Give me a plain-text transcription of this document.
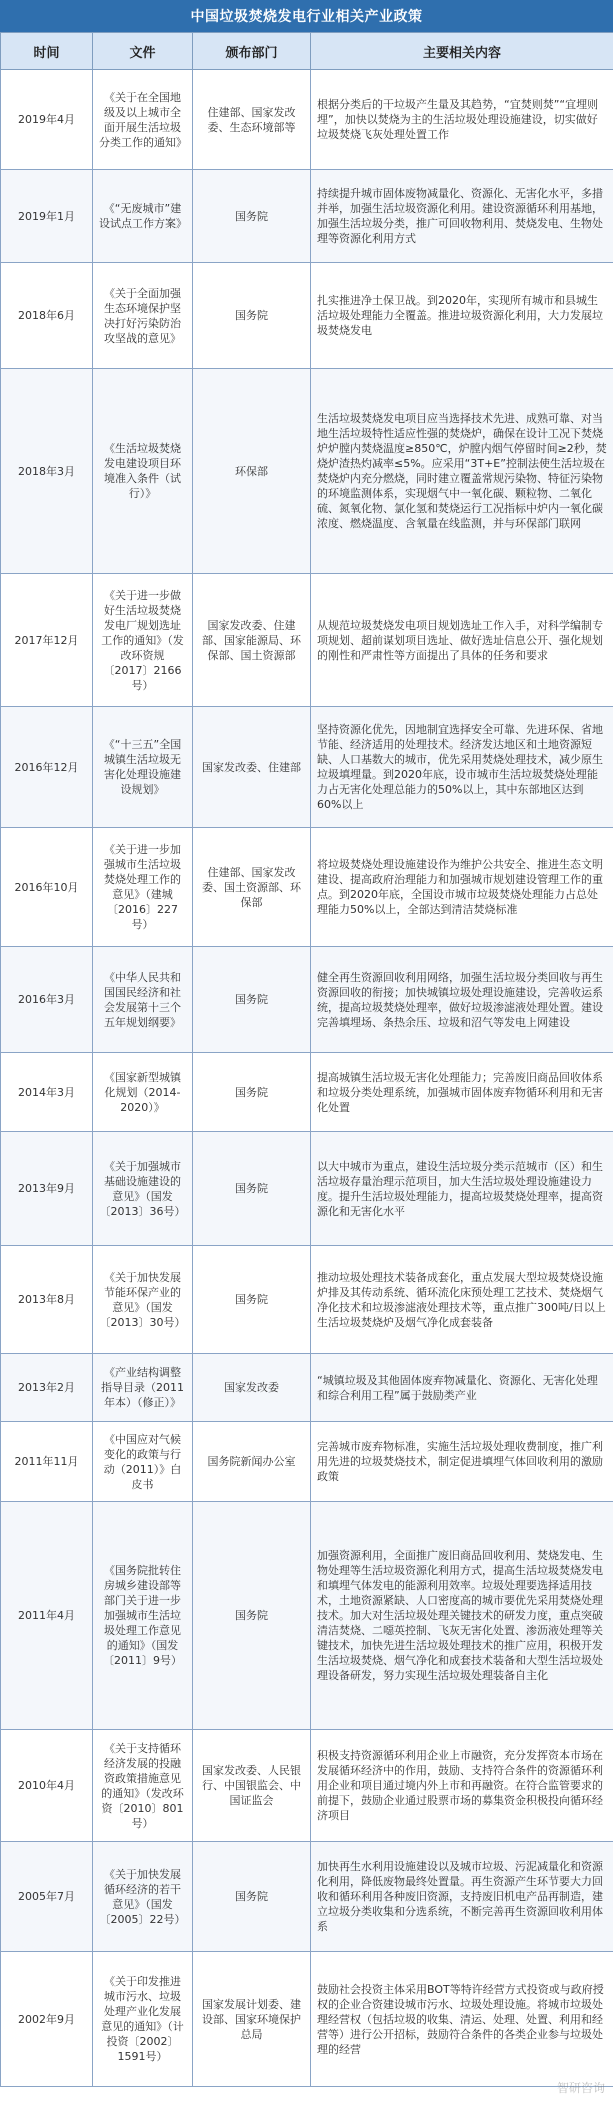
中国垃圾焚烧发电行业相关产业政策
时间	文件	颁布部门	主要相关内容
2019年4月	《关于在全国地级及以上城市全面开展生活垃圾分类工作的通知》	住建部、国家发改委、生态环境部等	根据分类后的干垃圾产生量及其趋势，“宜焚则焚”“宜埋则埋”，加快以焚烧为主的生活垃圾处理设施建设，切实做好垃圾焚烧飞灰处理处置工作
2019年1月	《“无废城市”建设试点工作方案》	国务院	持续提升城市固体废物减量化、资源化、无害化水平，多措并举，加强生活垃圾资源化利用。建设资源循环利用基地，加强生活垃圾分类，推广可回收物利用、焚烧发电、生物处理等资源化利用方式
2018年6月	《关于全面加强生态环境保护坚决打好污染防治攻坚战的意见》	国务院	扎实推进净土保卫战。到2020年，实现所有城市和县城生活垃圾处理能力全覆盖。推进垃圾资源化利用，大力发展垃圾焚烧发电
2018年3月	《生活垃圾焚烧发电建设项目环境准入条件（试行）》	环保部	生活垃圾焚烧发电项目应当选择技术先进、成熟可靠、对当地生活垃圾特性适应性强的焚烧炉，确保在设计工况下焚烧炉炉膛内焚烧温度≥850℃，炉膛内烟气停留时间≥2秒，焚烧炉渣热灼减率≤5%。应采用“3T+E”控制法使生活垃圾在焚烧炉内充分燃烧，同时建立覆盖常规污染物、特征污染物的环境监测体系，实现烟气中一氧化碳、颗粒物、二氧化硫、氮氧化物、氯化氢和焚烧运行工况指标中炉内一氧化碳浓度、燃烧温度、含氧量在线监测，并与环保部门联网
2017年12月	《关于进一步做好生活垃圾焚烧发电厂规划选址工作的通知》（发改环资规〔2017〕2166号）	国家发改委、住建部、国家能源局、环保部、国土资源部	从规范垃圾焚烧发电项目规划选址工作入手，对科学编制专项规划、超前谋划项目选址、做好选址信息公开、强化规划的刚性和严肃性等方面提出了具体的任务和要求
2016年12月	《“十三五”全国城镇生活垃圾无害化处理设施建设规划》	国家发改委、住建部	坚持资源化优先，因地制宜选择安全可靠、先进环保、省地节能、经济适用的处理技术。经济发达地区和土地资源短缺、人口基数大的城市，优先采用焚烧处理技术，减少原生垃圾填埋量。到2020年底，设市城市生活垃圾焚烧处理能力占无害化处理总能力的50%以上，其中东部地区达到60%以上
2016年10月	《关于进一步加强城市生活垃圾焚烧处理工作的意见》（建城〔2016〕227号）	住建部、国家发改委、国土资源部、环保部	将垃圾焚烧处理设施建设作为维护公共安全、推进生态文明建设、提高政府治理能力和加强城市规划建设管理工作的重点。到2020年底，全国设市城市垃圾焚烧处理能力占总处理能力50%以上，全部达到清洁焚烧标准
2016年3月	《中华人民共和国国民经济和社会发展第十三个五年规划纲要》	国务院	健全再生资源回收利用网络，加强生活垃圾分类回收与再生资源回收的衔接；加快城镇垃圾处理设施建设，完善收运系统，提高垃圾焚烧处理率，做好垃圾渗滤液处理处置。建设完善填埋场、条热余压、垃圾和沼气等发电上网建设
2014年3月	《国家新型城镇化规划（2014-2020）》	国务院	提高城镇生活垃圾无害化处理能力；完善废旧商品回收体系和垃圾分类处理系统，加强城市固体废弃物循环利用和无害化处置
2013年9月	《关于加强城市基础设施建设的意见》（国发〔2013〕36号）	国务院	以大中城市为重点，建设生活垃圾分类示范城市（区）和生活垃圾存量治理示范项目，加大生活垃圾处理设施建设力度。提升生活垃圾处理能力，提高垃圾焚烧处理率，提高资源化和无害化水平
2013年8月	《关于加快发展节能环保产业的意见》（国发〔2013〕30号）	国务院	推动垃圾处理技术装备成套化，重点发展大型垃圾焚烧设施炉排及其传动系统、循环流化床预处理工艺技术、焚烧烟气净化技术和垃圾渗滤液处理技术等，重点推广300吨/日以上生活垃圾焚烧炉及烟气净化成套装备
2013年2月	《产业结构调整指导目录（2011年本）（修正）》	国家发改委	“城镇垃圾及其他固体废弃物减量化、资源化、无害化处理和综合利用工程”属于鼓励类产业
2011年11月	《中国应对气候变化的政策与行动（2011）》白皮书	国务院新闻办公室	完善城市废弃物标准，实施生活垃圾处理收费制度，推广利用先进的垃圾焚烧技术，制定促进填埋气体回收利用的激励政策
2011年4月	《国务院批转住房城乡建设部等部门关于进一步加强城市生活垃圾处理工作意见的通知》（国发〔2011〕9号）	国务院	加强资源利用，全面推广废旧商品回收利用、焚烧发电、生物处理等生活垃圾资源化利用方式，提高生活垃圾焚烧发电和填埋气体发电的能源利用效率。垃圾处理要选择适用技术，土地资源紧缺、人口密度高的城市要优先采用焚烧处理技术。加大对生活垃圾处理关键技术的研发力度，重点突破清洁焚烧、二噁英控制、飞灰无害化处置、渗沥液处理等关键技术，加快先进生活垃圾处理技术的推广应用，积极开发生活垃圾焚烧、烟气净化和成套技术装备和大型生活垃圾处理设备研发，努力实现生活垃圾处理装备自主化
2010年4月	《关于支持循环经济发展的投融资政策措施意见的通知》（发改环资〔2010〕801号）	国家发改委、人民银行、中国银监会、中国证监会	积极支持资源循环利用企业上市融资，充分发挥资本市场在发展循环经济中的作用，鼓励、支持符合条件的资源循环利用企业和项目通过境内外上市和再融资。在符合监管要求的前提下，鼓励企业通过股票市场的募集资金积极投向循环经济项目
2005年7月	《关于加快发展循环经济的若干意见》（国发〔2005〕22号）	国务院	加快再生水利用设施建设以及城市垃圾、污泥减量化和资源化利用，降低废物最终处置量。再生资源产生环节要大力回收和循环利用各种废旧资源，支持废旧机电产品再制造，建立垃圾分类收集和分选系统，不断完善再生资源回收利用体系
2002年9月	《关于印发推进城市污水、垃圾处理产业化发展意见的通知》（计投资〔2002〕1591号）	国家发展计划委、建设部、国家环境保护总局	鼓励社会投资主体采用BOT等特许经营方式投资或与政府授权的企业合资建设城市污水、垃圾处理设施。将城市垃圾处理经营权（包括垃圾的收集、清运、处理、处置、利用和经营等）进行公开招标，鼓励符合条件的各类企业参与垃圾处理的经营
智研咨询
